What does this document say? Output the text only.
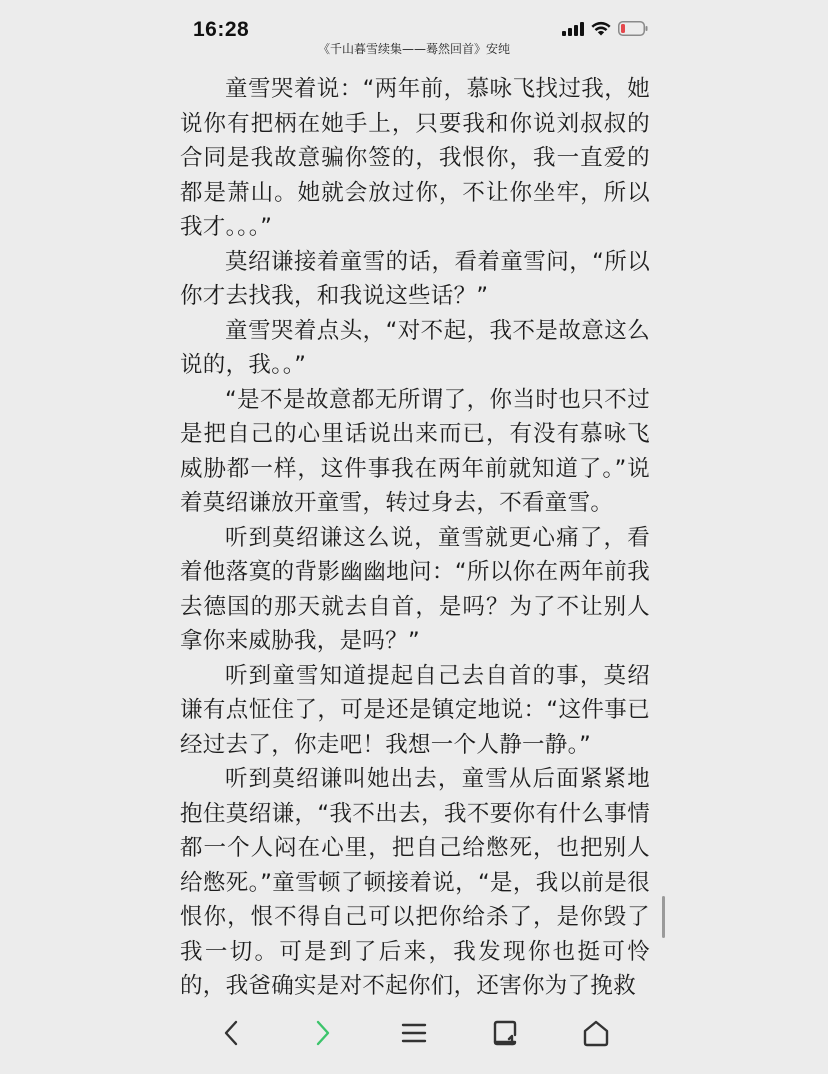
16:28
《千山暮雪续集——蓦然回首》安纯

童雪哭着说：“两年前，慕咏飞找过我，她说你有把柄在她手上，只要我和你说刘叔叔的合同是我故意骗你签的，我恨你，我一直爱的都是萧山。她就会放过你，不让你坐牢，所以我才。。。”

莫绍谦接着童雪的话，看着童雪问，“所以你才去找我，和我说这些话？”

童雪哭着点头，“对不起，我不是故意这么说的，我。。”

“是不是故意都无所谓了，你当时也只不过是把自己的心里话说出来而已，有没有慕咏飞威胁都一样，这件事我在两年前就知道了。”说着莫绍谦放开童雪，转过身去，不看童雪。

听到莫绍谦这么说，童雪就更心痛了，看着他落寞的背影幽幽地问：“所以你在两年前我去德国的那天就去自首，是吗？为了不让别人拿你来威胁我，是吗？”

听到童雪知道提起自己去自首的事，莫绍谦有点怔住了，可是还是镇定地说：“这件事已经过去了，你走吧！我想一个人静一静。”

听到莫绍谦叫她出去，童雪从后面紧紧地抱住莫绍谦，“我不出去，我不要你有什么事情都一个人闷在心里，把自己给憋死，也把别人给憋死。”童雪顿了顿接着说，“是，我以前是很恨你，恨不得自己可以把你给杀了，是你毁了我一切。可是到了后来，我发现你也挺可怜的，我爸确实是对不起你们，还害你为了挽救
